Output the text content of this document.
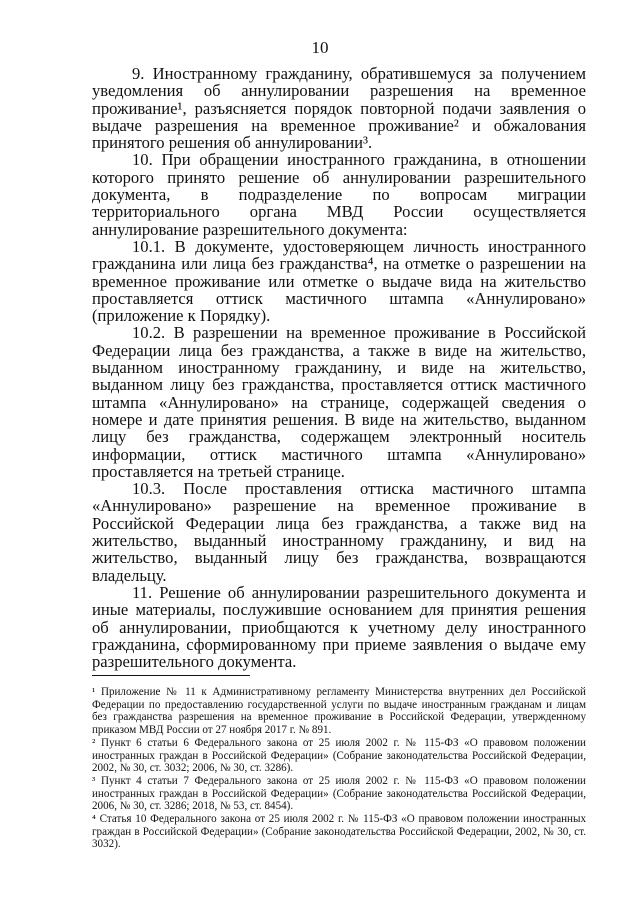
10

9. Иностранному гражданину, обратившемуся за получением уведомления об аннулировании разрешения на временное проживание¹, разъясняется порядок повторной подачи заявления о выдаче разрешения на временное проживание² и обжалования принятого решения об аннулировании³.

10. При обращении иностранного гражданина, в отношении которого принято решение об аннулировании разрешительного документа, в подразделение по вопросам миграции территориального органа МВД России осуществляется аннулирование разрешительного документа:

10.1. В документе, удостоверяющем личность иностранного гражданина или лица без гражданства⁴, на отметке о разрешении на временное проживание или отметке о выдаче вида на жительство проставляется оттиск мастичного штампа «Аннулировано» (приложение к Порядку).

10.2. В разрешении на временное проживание в Российской Федерации лица без гражданства, а также в виде на жительство, выданном иностранному гражданину, и виде на жительство, выданном лицу без гражданства, проставляется оттиск мастичного штампа «Аннулировано» на странице, содержащей сведения о номере и дате принятия решения. В виде на жительство, выданном лицу без гражданства, содержащем электронный носитель информации, оттиск мастичного штампа «Аннулировано» проставляется на третьей странице.

10.3. После проставления оттиска мастичного штампа «Аннулировано» разрешение на временное проживание в Российской Федерации лица без гражданства, а также вид на жительство, выданный иностранному гражданину, и вид на жительство, выданный лицу без гражданства, возвращаются владельцу.

11. Решение об аннулировании разрешительного документа и иные материалы, послужившие основанием для принятия решения об аннулировании, приобщаются к учетному делу иностранного гражданина, сформированному при приеме заявления о выдаче ему разрешительного документа.

¹ Приложение № 11 к Административному регламенту Министерства внутренних дел Российской Федерации по предоставлению государственной услуги по выдаче иностранным гражданам и лицам без гражданства разрешения на временное проживание в Российской Федерации, утвержденному приказом МВД России от 27 ноября 2017 г. № 891.

² Пункт 6 статьи 6 Федерального закона от 25 июля 2002 г. № 115-ФЗ «О правовом положении иностранных граждан в Российской Федерации» (Собрание законодательства Российской Федерации, 2002, № 30, ст. 3032; 2006, № 30, ст. 3286).

³ Пункт 4 статьи 7 Федерального закона от 25 июля 2002 г. № 115-ФЗ «О правовом положении иностранных граждан в Российской Федерации» (Собрание законодательства Российской Федерации, 2006, № 30, ст. 3286; 2018, № 53, ст. 8454).

⁴ Статья 10 Федерального закона от 25 июля 2002 г. № 115-ФЗ «О правовом положении иностранных граждан в Российской Федерации» (Собрание законодательства Российской Федерации, 2002, № 30, ст. 3032).
